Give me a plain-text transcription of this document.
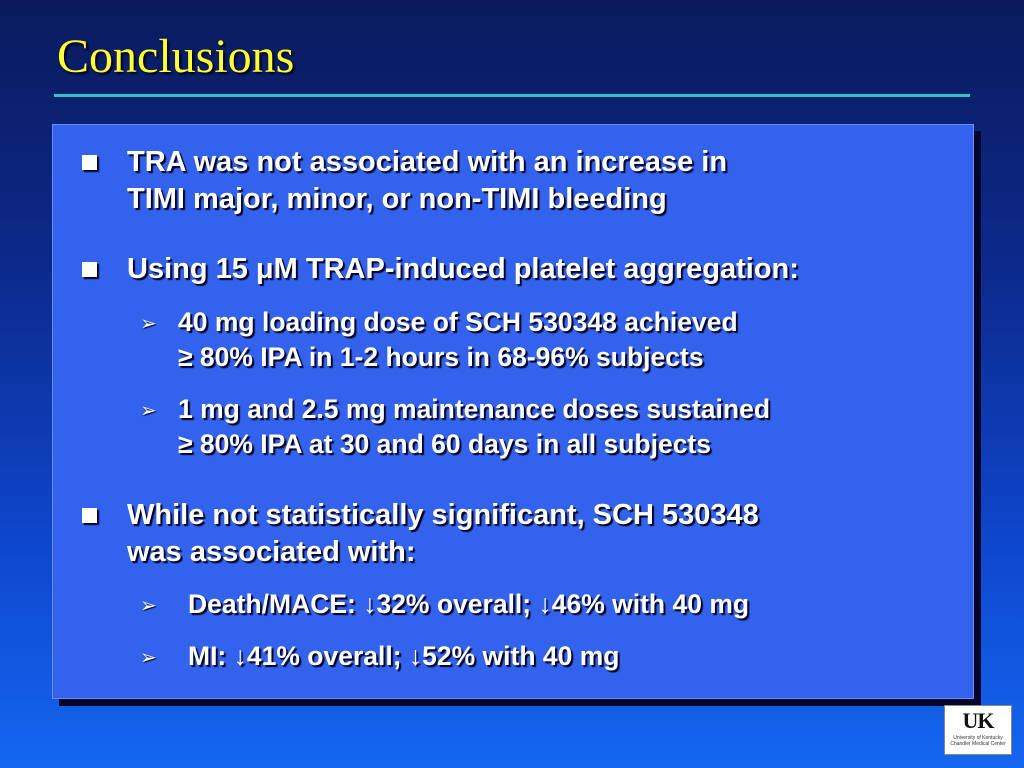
Conclusions
TRA was not associated with an increase in
TIMI major, minor, or non-TIMI bleeding
Using 15 μM TRAP-induced platelet aggregation:
➢ 40 mg loading dose of SCH 530348 achieved
≥ 80% IPA in 1-2 hours in 68-96% subjects
➢ 1 mg and 2.5 mg maintenance doses sustained
≥ 80% IPA at 30 and 60 days in all subjects
While not statistically significant, SCH 530348
was associated with:
➢ Death/MACE: ↓32% overall; ↓46% with 40 mg
➢ MI: ↓41% overall; ↓52% with 40 mg
UK
University of Kentucky
Chandler Medical Center
